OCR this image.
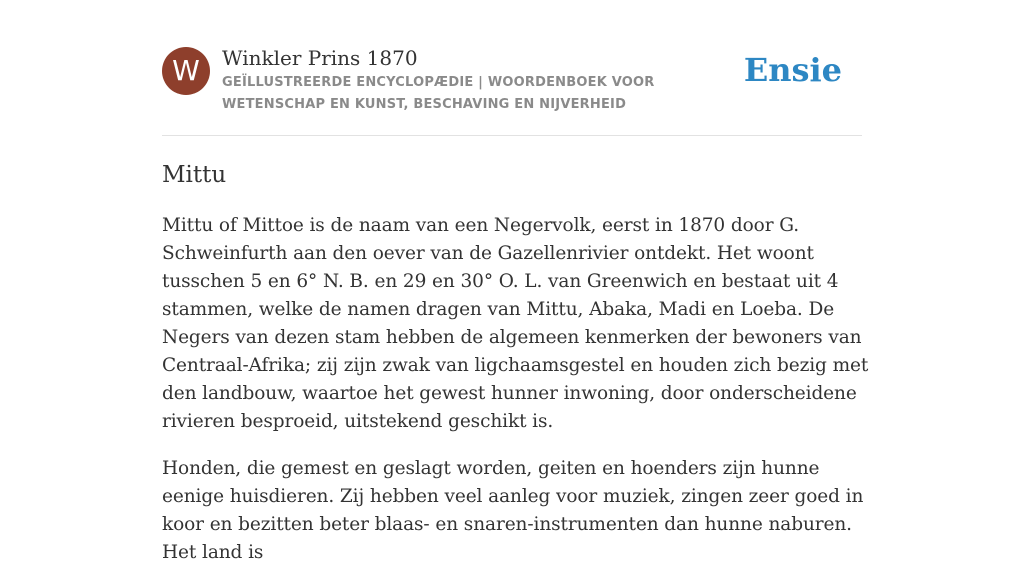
W	Winkler Prins 1870
GEÏLLUSTREERDE ENCYCLOPÆDIE | WOORDENBOEK VOOR WETENSCHAP EN KUNST, BESCHAVING EN NIJVERHEID
Ensie
Mittu

Mittu of Mittoe is de naam van een Negervolk, eerst in 1870 door G. Schweinfurth aan den oever van de Gazellenrivier ontdekt. Het woont tusschen 5 en 6° N. B. en 29 en 30° O. L. van Greenwich en bestaat uit 4 stammen, welke de namen dragen van Mittu, Abaka, Madi en Loeba. De Negers van dezen stam hebben de algemeen kenmerken der bewoners van Centraal-Afrika; zij zijn zwak van ligchaamsgestel en houden zich bezig met den landbouw, waartoe het gewest hunner inwoning, door onderscheidene rivieren besproeid, uitstekend geschikt is.

Honden, die gemest en geslagt worden, geiten en hoenders zijn hunne eenige huisdieren. Zij hebben veel aanleg voor muziek, zingen zeer goed in koor en bezitten beter blaas- en snaren-instrumenten dan hunne naburen. Het land is
